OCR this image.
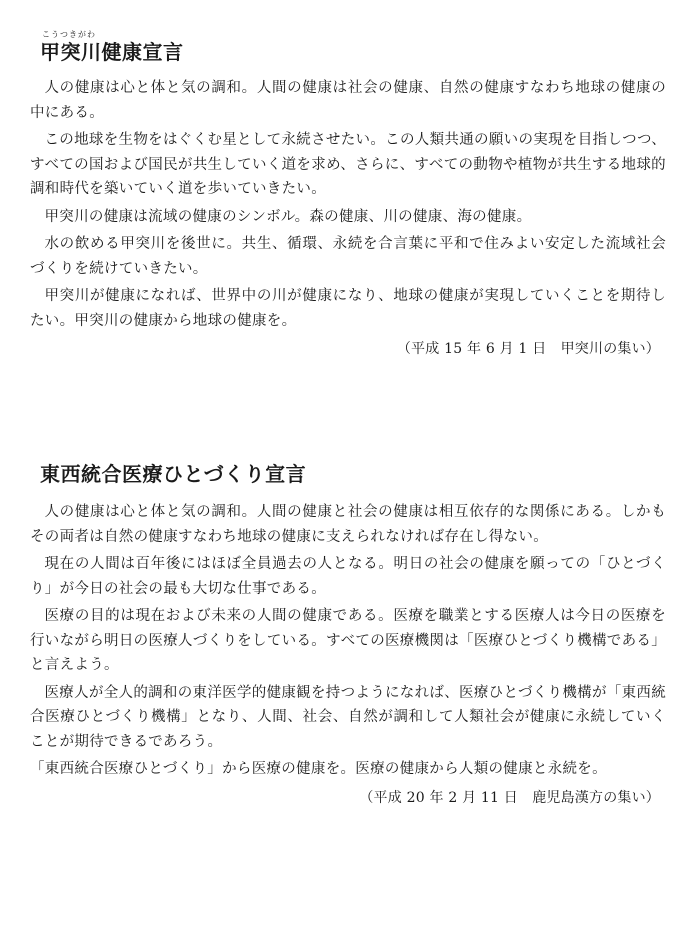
こうつきがわ
甲突川健康宣言

人の健康は心と体と気の調和。人間の健康は社会の健康、自然の健康すなわち地球の健康の中にある。

この地球を生物をはぐくむ星として永続させたい。この人類共通の願いの実現を目指しつつ、すべての国および国民が共生していく道を求め、さらに、すべての動物や植物が共生する地球的調和時代を築いていく道を歩いていきたい。

甲突川の健康は流域の健康のシンボル。森の健康、川の健康、海の健康。

水の飲める甲突川を後世に。共生、循環、永続を合言葉に平和で住みよい安定した流域社会づくりを続けていきたい。

甲突川が健康になれば、世界中の川が健康になり、地球の健康が実現していくことを期待したい。甲突川の健康から地球の健康を。

（平成 15 年 6 月 1 日　甲突川の集い）

東西統合医療ひとづくり宣言

人の健康は心と体と気の調和。人間の健康と社会の健康は相互依存的な関係にある。しかもその両者は自然の健康すなわち地球の健康に支えられなければ存在し得ない。

現在の人間は百年後にはほぼ全員過去の人となる。明日の社会の健康を願っての「ひとづくり」が今日の社会の最も大切な仕事である。

医療の目的は現在および未来の人間の健康である。医療を職業とする医療人は今日の医療を行いながら明日の医療人づくりをしている。すべての医療機関は「医療ひとづくり機構である」と言えよう。

医療人が全人的調和の東洋医学的健康観を持つようになれば、医療ひとづくり機構が「東西統合医療ひとづくり機構」となり、人間、社会、自然が調和して人類社会が健康に永続していくことが期待できるであろう。

「東西統合医療ひとづくり」から医療の健康を。医療の健康から人類の健康と永続を。

（平成 20 年 2 月 11 日　鹿児島漢方の集い）
